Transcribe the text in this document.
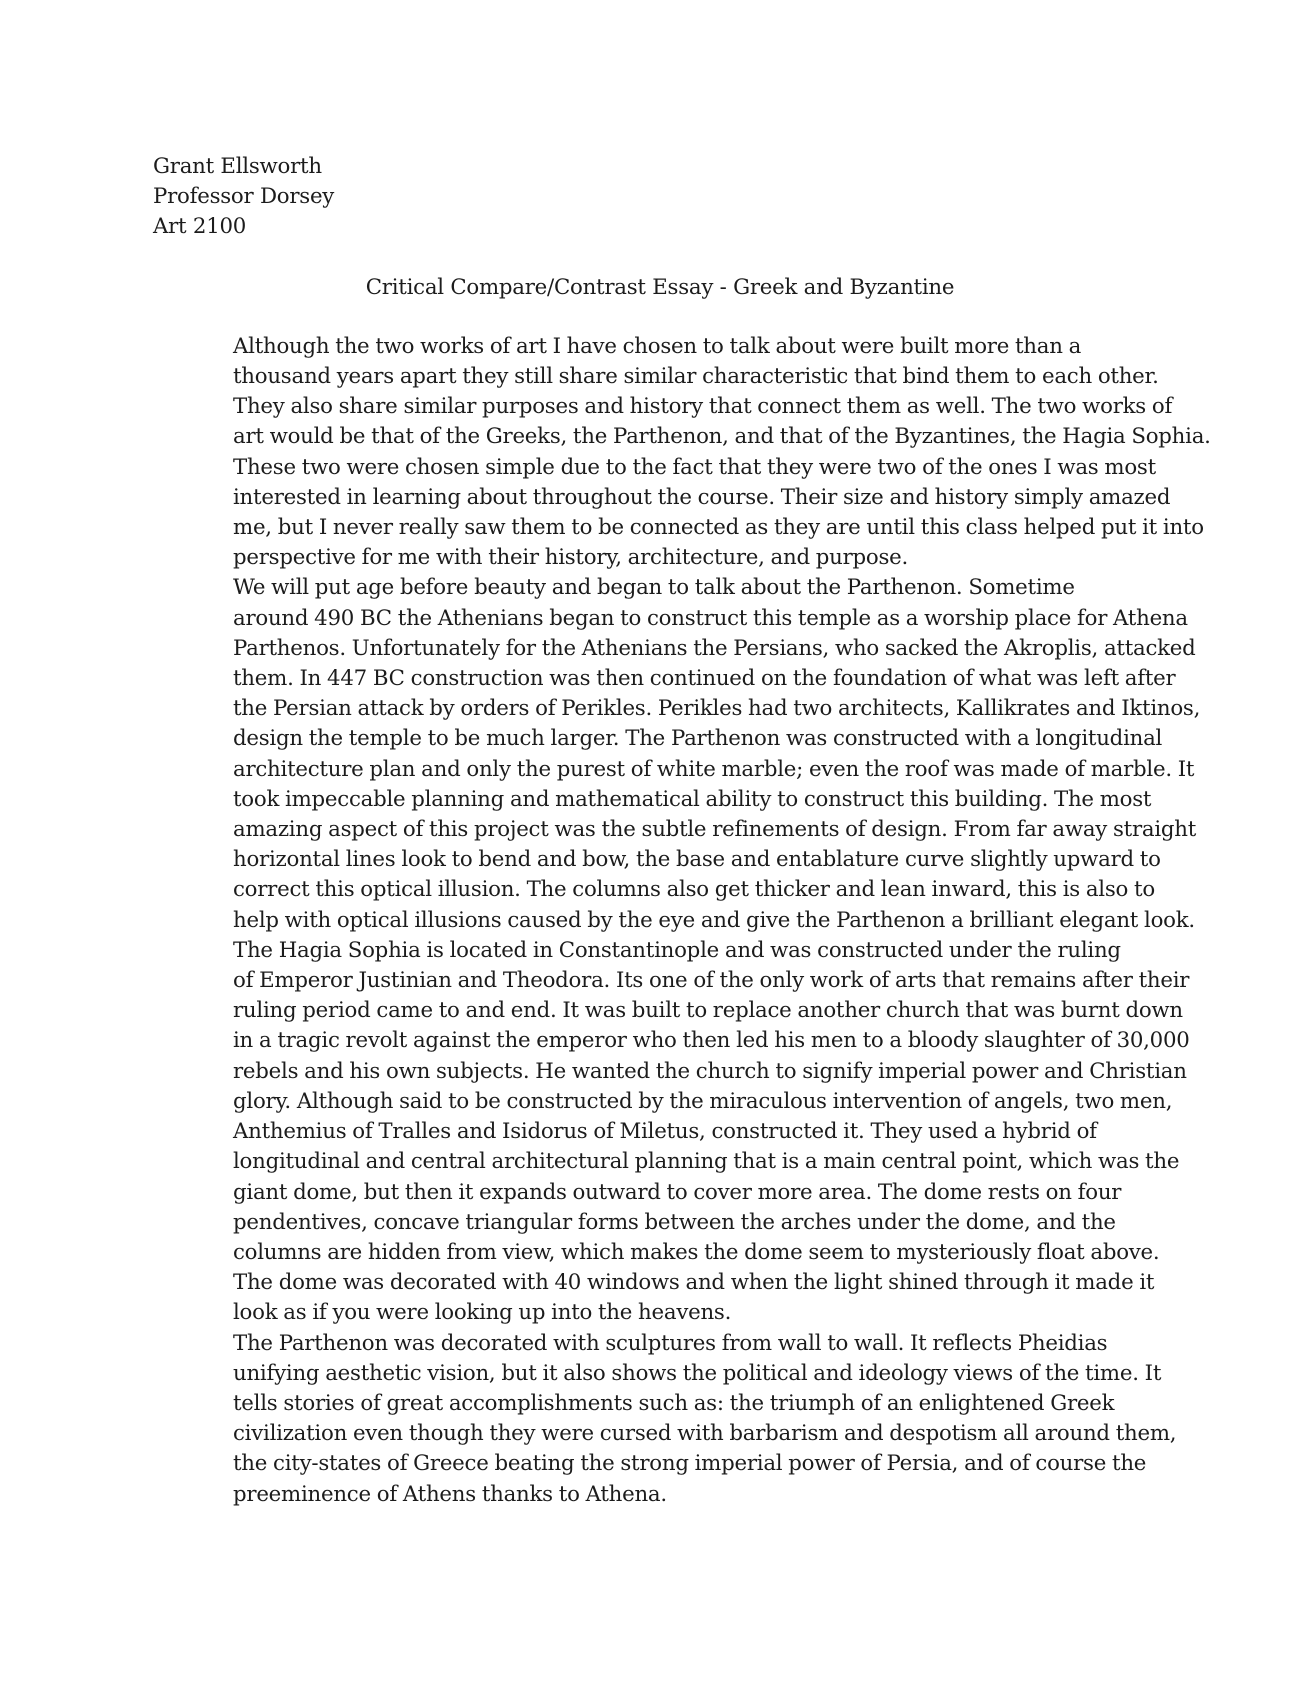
Grant Ellsworth

Professor Dorsey

Art 2100

Critical Compare/Contrast Essay - Greek and Byzantine

Although the two works of art I have chosen to talk about were built more than a
thousand years apart they still share similar characteristic that bind them to each other.
They also share similar purposes and history that connect them as well. The two works of
art would be that of the Greeks, the Parthenon, and that of the Byzantines, the Hagia Sophia.
These two were chosen simple due to the fact that they were two of the ones I was most
interested in learning about throughout the course. Their size and history simply amazed
me, but I never really saw them to be connected as they are until this class helped put it into
perspective for me with their history, architecture, and purpose.

We will put age before beauty and began to talk about the Parthenon. Sometime
around 490 BC the Athenians began to construct this temple as a worship place for Athena
Parthenos. Unfortunately for the Athenians the Persians, who sacked the Akroplis, attacked
them. In 447 BC construction was then continued on the foundation of what was left after
the Persian attack by orders of Perikles. Perikles had two architects, Kallikrates and Iktinos,
design the temple to be much larger. The Parthenon was constructed with a longitudinal
architecture plan and only the purest of white marble; even the roof was made of marble. It
took impeccable planning and mathematical ability to construct this building. The most
amazing aspect of this project was the subtle refinements of design. From far away straight
horizontal lines look to bend and bow, the base and entablature curve slightly upward to
correct this optical illusion. The columns also get thicker and lean inward, this is also to
help with optical illusions caused by the eye and give the Parthenon a brilliant elegant look.

The Hagia Sophia is located in Constantinople and was constructed under the ruling
of Emperor Justinian and Theodora. Its one of the only work of arts that remains after their
ruling period came to and end. It was built to replace another church that was burnt down
in a tragic revolt against the emperor who then led his men to a bloody slaughter of 30,000
rebels and his own subjects. He wanted the church to signify imperial power and Christian
glory. Although said to be constructed by the miraculous intervention of angels, two men,
Anthemius of Tralles and Isidorus of Miletus, constructed it. They used a hybrid of
longitudinal and central architectural planning that is a main central point, which was the
giant dome, but then it expands outward to cover more area. The dome rests on four
pendentives, concave triangular forms between the arches under the dome, and the
columns are hidden from view, which makes the dome seem to mysteriously float above.
The dome was decorated with 40 windows and when the light shined through it made it
look as if you were looking up into the heavens.

The Parthenon was decorated with sculptures from wall to wall. It reflects Pheidias
unifying aesthetic vision, but it also shows the political and ideology views of the time. It
tells stories of great accomplishments such as: the triumph of an enlightened Greek
civilization even though they were cursed with barbarism and despotism all around them,
the city-states of Greece beating the strong imperial power of Persia, and of course the
preeminence of Athens thanks to Athena.
